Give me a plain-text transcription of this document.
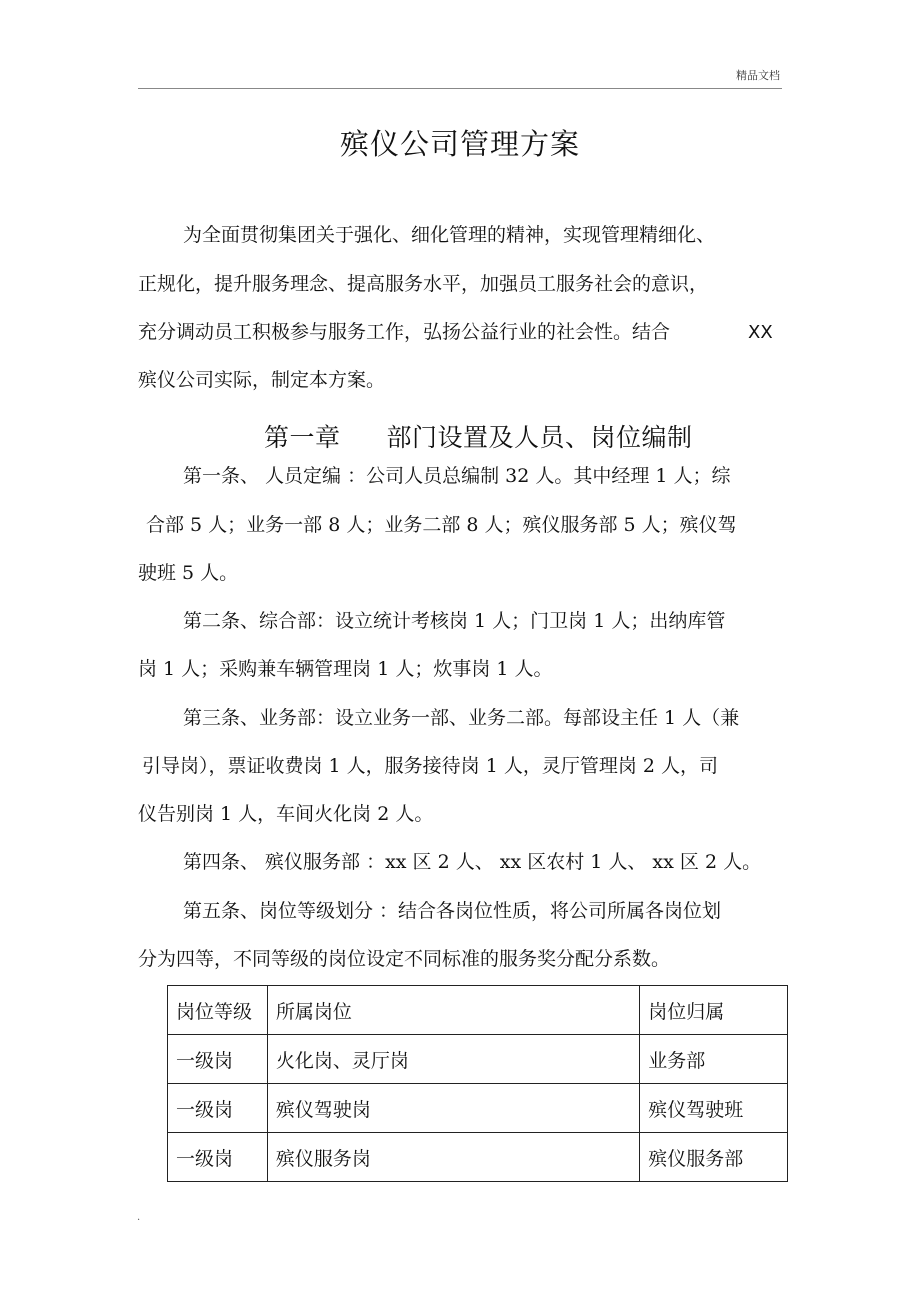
精品文档
殡仪公司管理方案
为全面贯彻集团关于强化、细化管理的精神，实现管理精细化、
正规化，提升服务理念、提高服务水平，加强员工服务社会的意识，
充分调动员工积极参与服务工作，弘扬公益行业的社会性。结合	XX
殡仪公司实际，制定本方案。
第一章 部门设置及人员、岗位编制
第一条、 人员定编 ：公司人员总编制 32 人。其中经理 1 人；综
合部 5 人；业务一部 8 人；业务二部 8 人；殡仪服务部 5 人；殡仪驾
驶班 5 人。
第二条、综合部：设立统计考核岗 1 人；门卫岗 1 人；出纳库管
岗 1 人；采购兼车辆管理岗 1 人；炊事岗 1 人。
第三条、业务部：设立业务一部、业务二部。每部设主任 1 人（兼
引导岗），票证收费岗 1 人，服务接待岗 1 人，灵厅管理岗 2 人，司
仪告别岗 1 人，车间火化岗 2 人。
第四条、 殡仪服务部 ：xx 区 2 人、 xx 区农村 1 人、 xx 区 2 人。
第五条、岗位等级划分 ：结合各岗位性质，将公司所属各岗位划
分为四等，不同等级的岗位设定不同标准的服务奖分配分系数。
岗位等级	所属岗位	岗位归属
一级岗	火化岗、灵厅岗	业务部
一级岗	殡仪驾驶岗	殡仪驾驶班
一级岗	殡仪服务岗	殡仪服务部
.
